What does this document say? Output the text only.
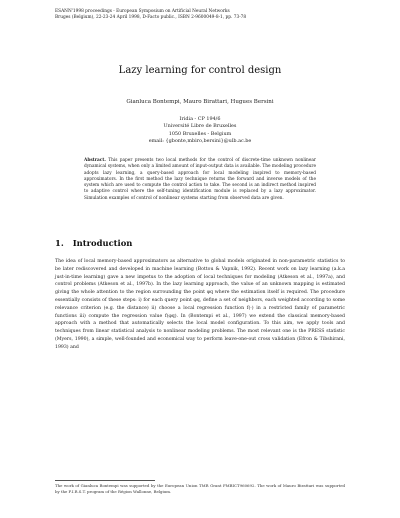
ESANN'1998 proceedings - European Symposium on Artificial Neural Networks
Bruges (Belgium), 22-23-24 April 1998, D-Facto public., ISBN 2-9600049-8-1, pp. 73-78
Lazy learning for control design
Gianluca Bontempi, Mauro Birattari, Hugues Bersini
Iridia - CP 194/6
Université Libre de Bruxelles
1050 Bruxelles - Belgium
email: {gbonte,mbiro,bersini}@ulb.ac.be
Abstract. This paper presents two local methods for the control of discrete-time unknown nonlinear dynamical systems, when only a limited amount of input-output data is available. The modeling procedure adopts lazy learning, a query-based approach for local modeling inspired to memory-based approximators. In the first method the lazy technique returns the forward and inverse models of the system which are used to compute the control action to take. The second is an indirect method inspired to adaptive control where the self-tuning identification module is replaced by a lazy approximator. Simulation examples of control of nonlinear systems starting from observed data are given.
1. Introduction
The idea of local memory-based approximators as alternative to global models originated in non-parametric statistics to be later rediscovered and developed in machine learning (Bottou & Vapnik, 1992). Recent work on lazy learning (a.k.a just-in-time learning) gave a new impetus to the adoption of local techniques for modeling (Atkeson et al., 1997a), and control problems (Atkeson et al., 1997b). In the lazy learning approach, the value of an unknown mapping is estimated giving the whole attention to the region surrounding the point φq where the estimation itself is required. The procedure essentially consists of these steps: i) for each query point φq, define a set of neighbors, each weighted according to some relevance criterion (e.g. the distance) ii) choose a local regression function f(·) in a restricted family of parametric functions iii) compute the regression value f(φq). In (Bontempi et al., 1997) we extend the classical memory-based approach with a method that automatically selects the local model configuration. To this aim, we apply tools and techniques from linear statistical analysis to nonlinear modeling problems. The most relevant one is the PRESS statistic (Myers, 1990), a simple, well-founded and economical way to perform leave-one-out cross validation (Efron & Tibshirani, 1993) and
The work of Gianluca Bontempi was supported by the European Union TMR Grant FMBICT960692. The work of Mauro Birattari was supported by the F.I.R.S.T. program of the Région Wallonne, Belgium.
